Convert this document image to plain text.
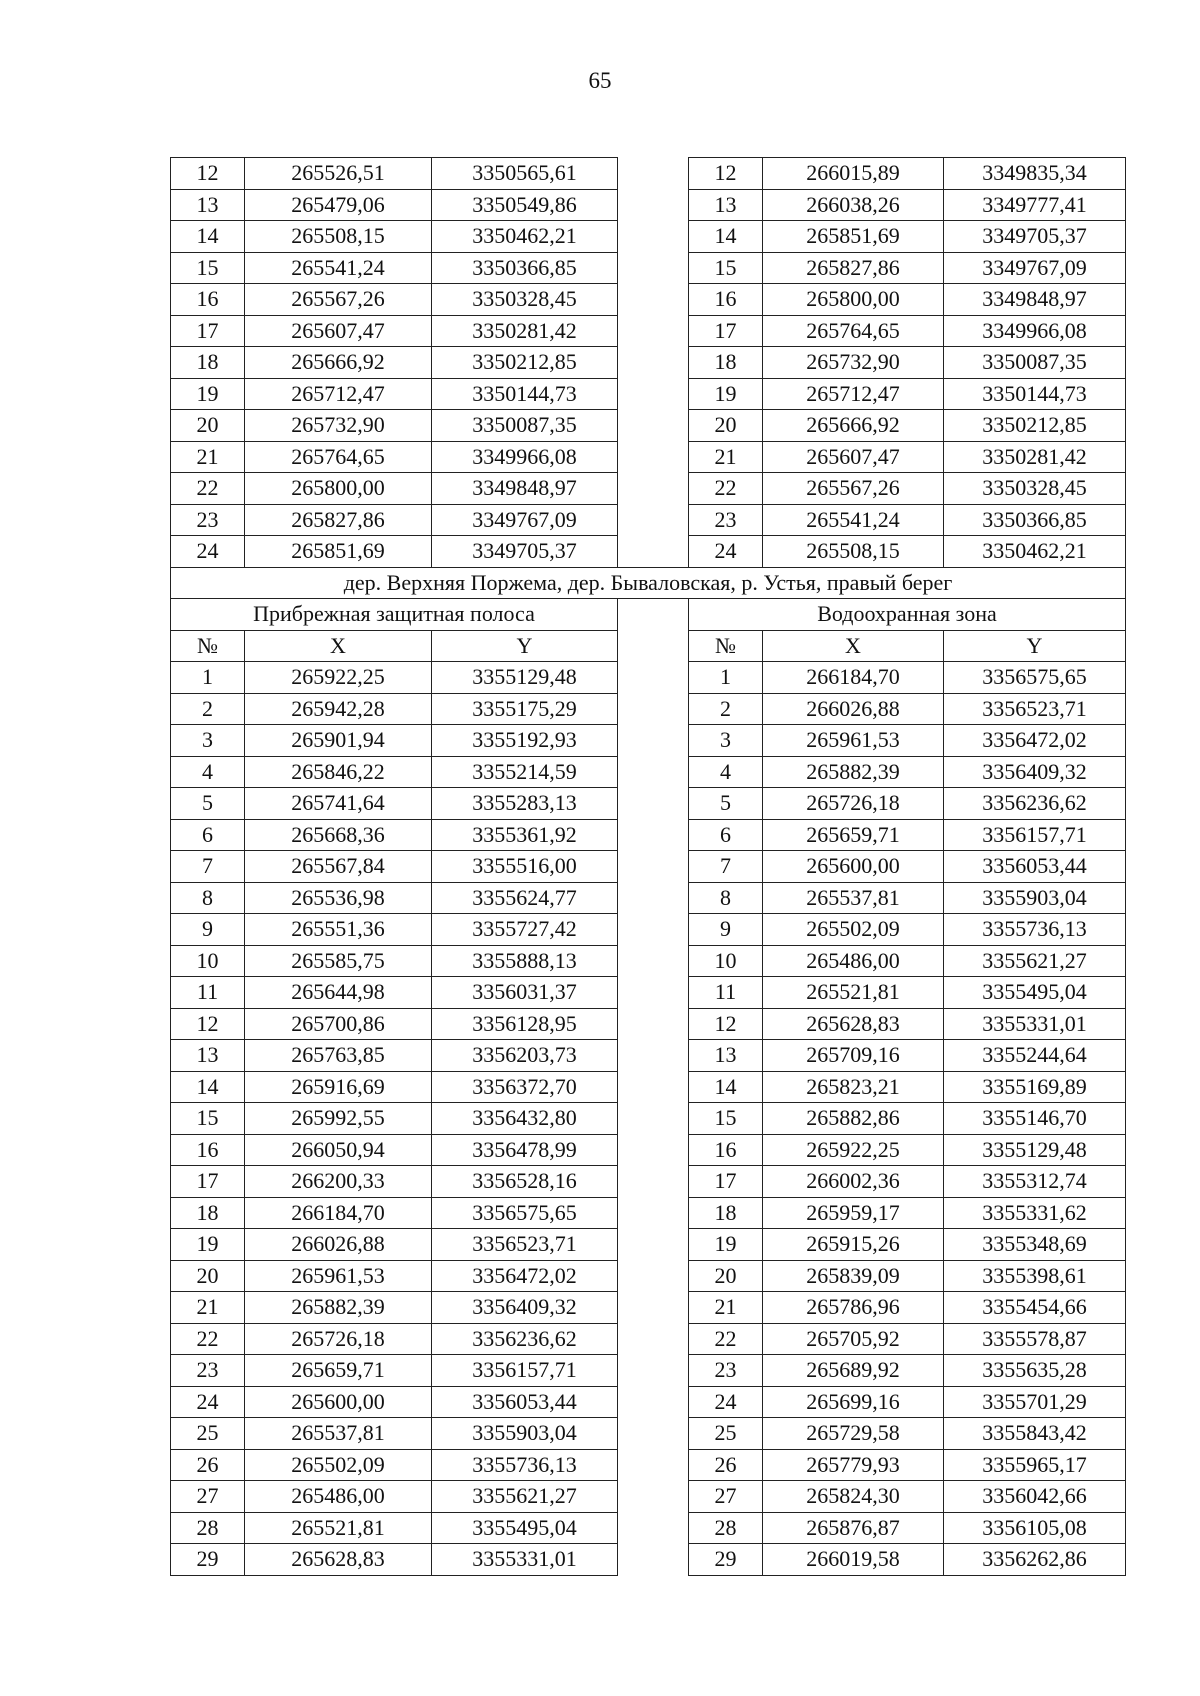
65
12	265526,51	3350565,61		12	266015,89	3349835,34
13	265479,06	3350549,86		13	266038,26	3349777,41
14	265508,15	3350462,21		14	265851,69	3349705,37
15	265541,24	3350366,85		15	265827,86	3349767,09
16	265567,26	3350328,45		16	265800,00	3349848,97
17	265607,47	3350281,42		17	265764,65	3349966,08
18	265666,92	3350212,85		18	265732,90	3350087,35
19	265712,47	3350144,73		19	265712,47	3350144,73
20	265732,90	3350087,35		20	265666,92	3350212,85
21	265764,65	3349966,08		21	265607,47	3350281,42
22	265800,00	3349848,97		22	265567,26	3350328,45
23	265827,86	3349767,09		23	265541,24	3350366,85
24	265851,69	3349705,37		24	265508,15	3350462,21
дер. Верхняя Поржема, дер. Бываловская, р. Устья, правый берег						
Прибрежная защитная полоса				Водоохранная зона		
№	X	Y		№	X	Y
1	265922,25	3355129,48		1	266184,70	3356575,65
2	265942,28	3355175,29		2	266026,88	3356523,71
3	265901,94	3355192,93		3	265961,53	3356472,02
4	265846,22	3355214,59		4	265882,39	3356409,32
5	265741,64	3355283,13		5	265726,18	3356236,62
6	265668,36	3355361,92		6	265659,71	3356157,71
7	265567,84	3355516,00		7	265600,00	3356053,44
8	265536,98	3355624,77		8	265537,81	3355903,04
9	265551,36	3355727,42		9	265502,09	3355736,13
10	265585,75	3355888,13		10	265486,00	3355621,27
11	265644,98	3356031,37		11	265521,81	3355495,04
12	265700,86	3356128,95		12	265628,83	3355331,01
13	265763,85	3356203,73		13	265709,16	3355244,64
14	265916,69	3356372,70		14	265823,21	3355169,89
15	265992,55	3356432,80		15	265882,86	3355146,70
16	266050,94	3356478,99		16	265922,25	3355129,48
17	266200,33	3356528,16		17	266002,36	3355312,74
18	266184,70	3356575,65		18	265959,17	3355331,62
19	266026,88	3356523,71		19	265915,26	3355348,69
20	265961,53	3356472,02		20	265839,09	3355398,61
21	265882,39	3356409,32		21	265786,96	3355454,66
22	265726,18	3356236,62		22	265705,92	3355578,87
23	265659,71	3356157,71		23	265689,92	3355635,28
24	265600,00	3356053,44		24	265699,16	3355701,29
25	265537,81	3355903,04		25	265729,58	3355843,42
26	265502,09	3355736,13		26	265779,93	3355965,17
27	265486,00	3355621,27		27	265824,30	3356042,66
28	265521,81	3355495,04		28	265876,87	3356105,08
29	265628,83	3355331,01		29	266019,58	3356262,86
